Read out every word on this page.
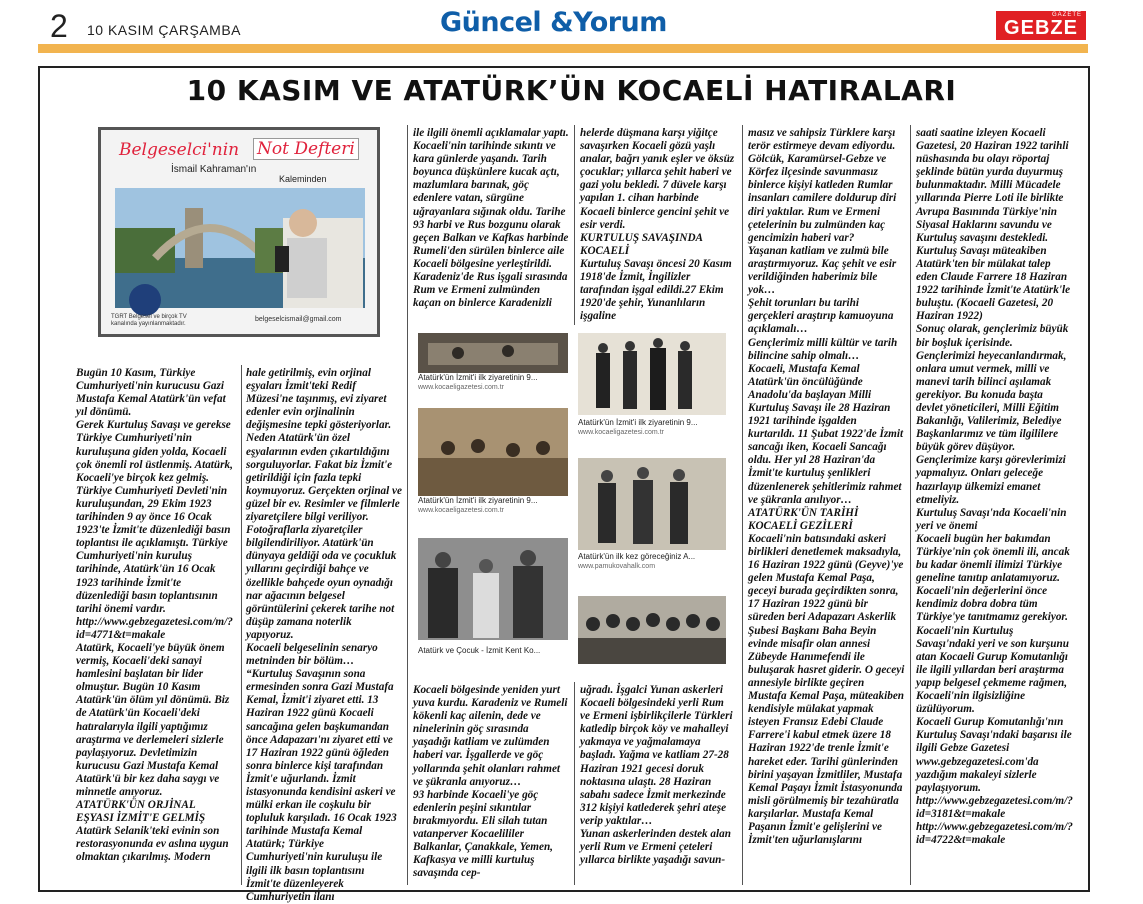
2 10 KASIM ÇARŞAMBA	Güncel &Yorum	GAZETE
GEBZE
10 KASIM VE ATATÜRK’ÜN KOCAELİ HATIRALARI
Belgeselci'nin Not Defteri
İsmail Kahraman'ın
Kaleminden
TGRT Belgesel ve birçok TV kanalında yayınlanmaktadır.
belgeselcismail@gmail.com
Atatürk'ün İzmit'i ilk ziyaretinin 9...
www.kocaeligazetesi.com.tr
Atatürk'ün İzmit'i ilk ziyaretinin 9...
www.kocaeligazetesi.com.tr
Atatürk'ün İzmit'i ilk ziyaretinin 9...
www.kocaeligazetesi.com.tr
Atatürk'ün ilk kez göreceğiniz A...
www.pamukovahalk.com
Atatürk ve Çocuk - İzmit Kent Ko...

Bugün 10 Kasım, Türkiye Cumhuriyeti'nin kurucusu Gazi Mustafa Kemal Atatürk'ün vefat yıl dönümü.

Gerek Kurtuluş Savaşı ve gerekse Türkiye Cumhuriyeti'nin kuruluşuna giden yolda, Kocaeli çok önemli rol üstlenmiş. Atatürk, Kocaeli'ye birçok kez gelmiş. Türkiye Cumhuriyeti Devleti'nin kuruluşundan, 29 Ekim 1923 tarihinden 9 ay önce 16 Ocak 1923'te İzmit'te düzenlediği basın toplantısı ile açıklamıştı. Türkiye Cumhuriyeti'nin kuruluş tarihinde, Atatürk'ün 16 Ocak 1923 tarihinde İzmit'te düzenlediği basın toplantısının tarihi önemi vardır.

http://www.gebzegazetesi.com/m/?id=4771&t=makale

Atatürk, Kocaeli'ye büyük önem vermiş, Kocaeli'deki sanayi hamlesini başlatan bir lider olmuştur. Bugün 10 Kasım Atatürk'ün ölüm yıl dönümü. Biz de Atatürk'ün Kocaeli'deki hatıralarıyla ilgili yaptığımız araştırma ve derlemeleri sizlerle paylaşıyoruz. Devletimizin kurucusu Gazi Mustafa Kemal Atatürk'ü bir kez daha saygı ve minnetle anıyoruz.

ATATÜRK'ÜN ORJİNAL EŞYASI İZMİT'E GELMİŞ

Atatürk Selanik'teki evinin son restorasyonunda ev aslına uygun olmaktan çıkarılmış. Modern

hale getirilmiş, evin orjinal eşyaları İzmit'teki Redif Müzesi'ne taşınmış, evi ziyaret edenler evin orjinalinin değişmesine tepki gösteriyorlar. Neden Atatürk'ün özel eşyalarının evden çıkartıldığını sorguluyorlar. Fakat biz İzmit'e getirildiği için fazla tepki koymuyoruz. Gerçekten orjinal ve güzel bir ev. Resimler ve filmlerle ziyaretçilere bilgi veriliyor. Fotoğraflarla ziyaretçiler bilgilendiriliyor. Atatürk'ün dünyaya geldiği oda ve çocukluk yıllarını geçirdiği bahçe ve özellikle bahçede oyun oynadığı nar ağacının belgesel görüntülerini çekerek tarihe not düşüp zamana noterlik yapıyoruz.

Kocaeli belgeselinin senaryo metninden bir bölüm…

“Kurtuluş Savaşının sona ermesinden sonra Gazi Mustafa Kemal, İzmit'i ziyaret etti. 13 Haziran 1922 günü Kocaeli sancağına gelen başkumandan önce Adapazarı'nı ziyaret etti ve 17 Haziran 1922 günü öğleden sonra binlerce kişi tarafından İzmit'e uğurlandı. İzmit istasyonunda kendisini askeri ve mülki erkan ile coşkulu bir topluluk karşıladı. 16 Ocak 1923 tarihinde Mustafa Kemal Atatürk; Türkiye Cumhuriyeti'nin kuruluşu ile ilgili ilk basın toplantısını İzmit'te düzenleyerek Cumhuriyetin ilanı

ile ilgili önemli açıklamalar yaptı. Kocaeli'nin tarihinde sıkıntı ve kara günlerde yaşandı. Tarih boyunca düşkünlere kucak açtı, mazlumlara barınak, göç edenlere vatan, sürgüne uğrayanlara sığınak oldu. Tarihe 93 harbi ve Rus bozgunu olarak geçen Balkan ve Kafkas harbinde Rumeli'den sürülen binlerce aile Kocaeli bölgesine yerleştirildi. Karadeniz'de Rus işgali sırasında Rum ve Ermeni zulmünden kaçan on binlerce Karadenizli

helerde düşmana karşı yiğitçe savaşırken Kocaeli gözü yaşlı analar, bağrı yanık eşler ve öksüz çocuklar; yıllarca şehit haberi ve gazi yolu bekledi. 7 düvele karşı yapılan 1. cihan harbinde Kocaeli binlerce gencini şehit ve esir verdi.

KURTULUŞ SAVAŞINDA KOCAELİ

Kurtuluş Savaşı öncesi 20 Kasım 1918'de İzmit, İngilizler tarafından işgal edildi.27 Ekim 1920'de şehir, Yunanlıların işgaline

Kocaeli bölgesinde yeniden yurt yuva kurdu. Karadeniz ve Rumeli kökenli kaç ailenin, dede ve ninelerinin göç sırasında yaşadığı katliam ve zulümden haberi var. İşgallerde ve göç yollarında şehit olanları rahmet ve şükranla anıyoruz…

93 harbinde Kocaeli'ye göç edenlerin peşini sıkıntılar bırakmıyordu. Eli silah tutan vatanperver Kocaelililer Balkanlar, Çanakkale, Yemen, Kafkasya ve milli kurtuluş savaşında cep-

uğradı. İşgalci Yunan askerleri Kocaeli bölgesindeki yerli Rum ve Ermeni işbirlikçilerle Türkleri katledip birçok köy ve mahalleyi yakmaya ve yağmalamaya başladı. Yağma ve katliam 27-28 Haziran 1921 gecesi doruk noktasına ulaştı. 28 Haziran sabahı sadece İzmit merkezinde 312 kişiyi katlederek şehri ateşe verip yaktılar…

Yunan askerlerinden destek alan yerli Rum ve Ermeni çeteleri yıllarca birlikte yaşadığı savun-

masız ve sahipsiz Türklere karşı terör estirmeye devam ediyordu. Gölcük, Karamürsel-Gebze ve Körfez ilçesinde savunmasız binlerce kişiyi katleden Rumlar insanları camilere doldurup diri diri yaktılar. Rum ve Ermeni çetelerinin bu zulmünden kaç gencimizin haberi var?

Yaşanan katliam ve zulmü bile araştırmıyoruz. Kaç şehit ve esir verildiğinden haberimiz bile yok…

Şehit torunları bu tarihi gerçekleri araştırıp kamuoyuna açıklamalı…

Gençlerimiz milli kültür ve tarih bilincine sahip olmalı…

Kocaeli, Mustafa Kemal Atatürk'ün öncülüğünde Anadolu'da başlayan Milli Kurtuluş Savaşı ile 28 Haziran 1921 tarihinde işgalden kurtarıldı. 11 Şubat 1922'de İzmit sancağı iken, Kocaeli Sancağı oldu. Her yıl 28 Haziran'da İzmit'te kurtuluş şenlikleri düzenlenerek şehitlerimiz rahmet ve şükranla anılıyor…

ATATÜRK'ÜN TARİHİ KOCAELİ GEZİLERİ

Kocaeli'nin batısındaki askeri birlikleri denetlemek maksadıyla, 16 Haziran 1922 günü (Geyve)'ye gelen Mustafa Kemal Paşa, geceyi burada geçirdikten sonra, 17 Haziran 1922 günü bir süreden beri Adapazarı Askerlik Şubesi Başkanı Baha Beyin evinde misafir olan annesi Zübeyde Hanımefendi ile buluşarak hasret giderir. O geceyi annesiyle birlikte geçiren Mustafa Kemal Paşa, müteakiben kendisiyle mülakat yapmak isteyen Fransız Edebi Claude Farrere'i kabul etmek üzere 18 Haziran 1922'de trenle İzmit'e hareket eder. Tarihi günlerinden birini yaşayan İzmitliler, Mustafa Kemal Paşayı İzmit İstasyonunda misli görülmemiş bir tezahüratla karşılarlar. Mustafa Kemal Paşanın İzmit'e gelişlerini ve İzmit'ten uğurlanışlarını

saati saatine izleyen Kocaeli Gazetesi, 20 Haziran 1922 tarihli nüshasında bu olayı röportaj şeklinde bütün yurda duyurmuş bulunmaktadır. Milli Mücadele yıllarında Pierre Loti ile birlikte Avrupa Basınında Türkiye'nin Siyasal Haklarını savundu ve Kurtuluş savaşını destekledi. Kurtuluş Savaşı müteakiben Atatürk'ten bir mülakat talep eden Claude Farrere 18 Haziran 1922 tarihinde İzmit'te Atatürk'le buluştu. (Kocaeli Gazetesi, 20 Haziran 1922)

Sonuç olarak, gençlerimiz büyük bir boşluk içerisinde. Gençlerimizi heyecanlandırmak, onlara umut vermek, milli ve manevi tarih bilinci aşılamak gerekiyor. Bu konuda başta devlet yöneticileri, Milli Eğitim Bakanlığı, Valilerimiz, Belediye Başkanlarımız ve tüm ilgililere büyük görev düşüyor. Gençlerimize karşı görevlerimizi yapmalıyız. Onları geleceğe hazırlayıp ülkemizi emanet etmeliyiz.

Kurtuluş Savaşı'nda Kocaeli'nin yeri ve önemi

Kocaeli bugün her bakımdan Türkiye'nin çok önemli ili, ancak bu kadar önemli ilimizi Türkiye geneline tanıtıp anlatamıyoruz. Kocaeli'nin değerlerini önce kendimiz dobra dobra tüm Türkiye'ye tanıtmamız gerekiyor. Kocaeli'nin Kurtuluş Savaşı'ndaki yeri ve son kurşunu atan Kocaeli Gurup Komutanlığı ile ilgili yıllardan beri araştırma yapıp belgesel çekmeme rağmen, Kocaeli'nin ilgisizliğine üzülüyorum.

Kocaeli Gurup Komutanlığı'nın Kurtuluş Savaşı'ndaki başarısı ile ilgili Gebze Gazetesi www.gebzegazetesi.com'da yazdığım makaleyi sizlerle paylaşıyorum.

http://www.gebzegazetesi.com/m/?id=3181&t=makale

http://www.gebzegazetesi.com/m/?id=4722&t=makale
